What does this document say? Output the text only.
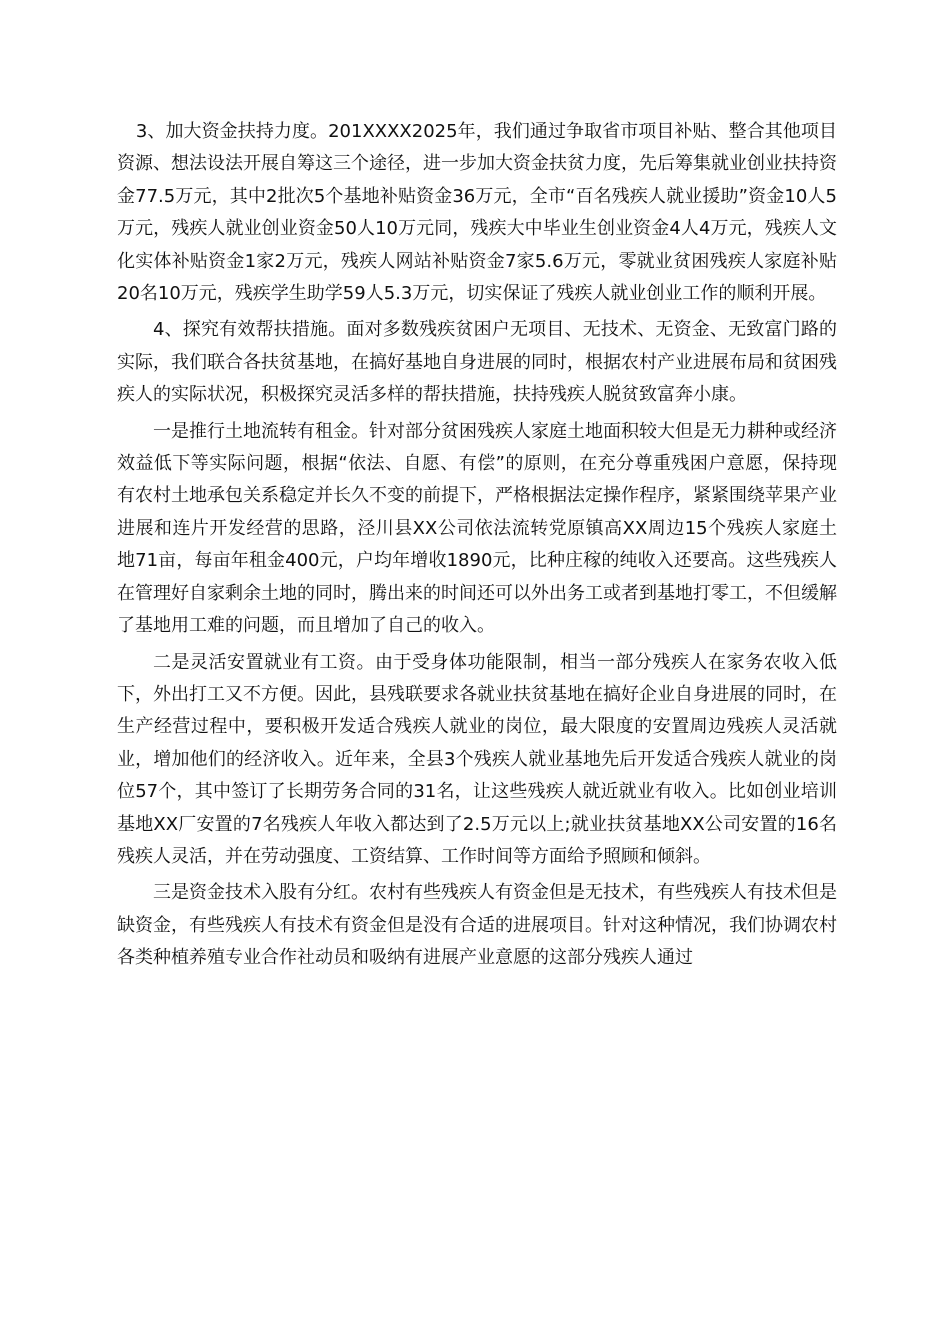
3、加大资金扶持力度。201XXXX2025年，我们通过争取省市项目补贴、整合其他项目资源、想法设法开展自筹这三个途径，进一步加大资金扶贫力度，先后筹集就业创业扶持资金77.5万元，其中2批次5个基地补贴资金36万元，全市“百名残疾人就业援助”资金10人5万元，残疾人就业创业资金50人10万元同，残疾大中毕业生创业资金4人4万元，残疾人文化实体补贴资金1家2万元，残疾人网站补贴资金7家5.6万元，零就业贫困残疾人家庭补贴20名10万元，残疾学生助学59人5.3万元，切实保证了残疾人就业创业工作的顺利开展。

4、探究有效帮扶措施。面对多数残疾贫困户无项目、无技术、无资金、无致富门路的实际，我们联合各扶贫基地，在搞好基地自身进展的同时，根据农村产业进展布局和贫困残疾人的实际状况，积极探究灵活多样的帮扶措施，扶持残疾人脱贫致富奔小康。

一是推行土地流转有租金。针对部分贫困残疾人家庭土地面积较大但是无力耕种或经济效益低下等实际问题，根据“依法、自愿、有偿”的原则，在充分尊重残困户意愿，保持现有农村土地承包关系稳定并长久不变的前提下，严格根据法定操作程序，紧紧围绕苹果产业进展和连片开发经营的思路，泾川县XX公司依法流转党原镇高XX周边15个残疾人家庭土地71亩，每亩年租金400元，户均年增收1890元，比种庄稼的纯收入还要高。这些残疾人在管理好自家剩余土地的同时，腾出来的时间还可以外出务工或者到基地打零工，不但缓解了基地用工难的问题，而且增加了自己的收入。

二是灵活安置就业有工资。由于受身体功能限制，相当一部分残疾人在家务农收入低下，外出打工又不方便。因此，县残联要求各就业扶贫基地在搞好企业自身进展的同时，在生产经营过程中，要积极开发适合残疾人就业的岗位，最大限度的安置周边残疾人灵活就业，增加他们的经济收入。近年来，全县3个残疾人就业基地先后开发适合残疾人就业的岗位57个，其中签订了长期劳务合同的31名，让这些残疾人就近就业有收入。比如创业培训基地XX厂安置的7名残疾人年收入都达到了2.5万元以上;就业扶贫基地XX公司安置的16名残疾人灵活，并在劳动强度、工资结算、工作时间等方面给予照顾和倾斜。

三是资金技术入股有分红。农村有些残疾人有资金但是无技术，有些残疾人有技术但是缺资金，有些残疾人有技术有资金但是没有合适的进展项目。针对这种情况，我们协调农村各类种植养殖专业合作社动员和吸纳有进展产业意愿的这部分残疾人通过
